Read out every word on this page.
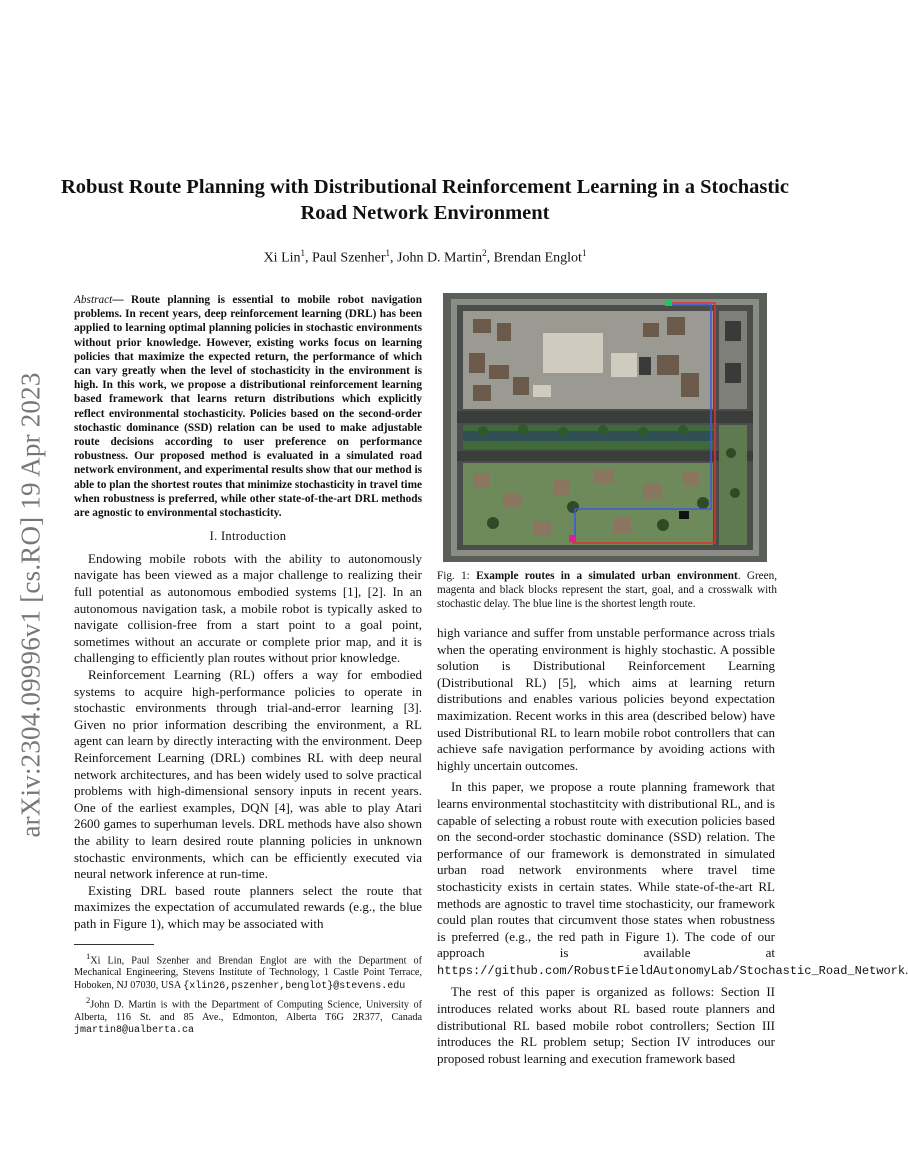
arXiv:2304.09996v1 [cs.RO] 19 Apr 2023
Robust Route Planning with Distributional Reinforcement Learning in a Stochastic Road Network Environment
Xi Lin$^1$, Paul Szenher$^1$, John D. Martin$^2$, Brendan Englot$^1$
Abstract— Route planning is essential to mobile robot navigation problems. In recent years, deep reinforcement learning (DRL) has been applied to learning optimal planning policies in stochastic environments without prior knowledge. However, existing works focus on learning policies that maximize the expected return, the performance of which can vary greatly when the level of stochasticity in the environment is high. In this work, we propose a distributional reinforcement learning based framework that learns return distributions which explicitly reflect environmental stochasticity. Policies based on the second-order stochastic dominance (SSD) relation can be used to make adjustable route decisions according to user preference on performance robustness. Our proposed method is evaluated in a simulated road network environment, and experimental results show that our method is able to plan the shortest routes that minimize stochasticity in travel time when robustness is preferred, while other state-of-the-art DRL methods are agnostic to environmental stochasticity.
I. Introduction

Endowing mobile robots with the ability to autonomously navigate has been viewed as a major challenge to realizing their full potential as autonomous embodied systems [1], [2]. In an autonomous navigation task, a mobile robot is typically asked to navigate collision-free from a start point to a goal point, sometimes without an accurate or complete prior map, and it is challenging to efficiently plan routes without prior knowledge.

Reinforcement Learning (RL) offers a way for embodied systems to acquire high-performance policies to operate in stochastic environments through trial-and-error learning [3]. Given no prior information describing the environment, a RL agent can learn by directly interacting with the environment. Deep Reinforcement Learning (DRL) combines RL with deep neural network architectures, and has been widely used to solve practical problems with high-dimensional sensory inputs in recent years. One of the earliest examples, DQN [4], was able to play Atari 2600 games to superhuman levels. DRL methods have also shown the ability to learn desired route planning policies in unknown stochastic environments, which can be efficiently executed via neural network inference at run-time.

Existing DRL based route planners select the route that maximizes the expectation of accumulated rewards (e.g., the blue path in Figure 1), which may be associated with

$^1$Xi Lin, Paul Szenher and Brendan Englot are with the Department of Mechanical Engineering, Stevens Institute of Technology, 1 Castle Point Terrace, Hoboken, NJ 07030, USA {xlin26,pszenher,benglot}@stevens.edu

$^2$John D. Martin is with the Department of Computing Science, University of Alberta, 116 St. and 85 Ave., Edmonton, Alberta T6G 2R377, Canada jmartin8@ualberta.ca

Fig. 1: Example routes in a simulated urban environment. Green, magenta and black blocks represent the start, goal, and a crosswalk with stochastic delay. The blue line is the shortest length route.

high variance and suffer from unstable performance across trials when the operating environment is highly stochastic. A possible solution is Distributional Reinforcement Learning (Distributional RL) [5], which aims at learning return distributions and enables various policies beyond expectation maximization. Recent works in this area (described below) have used Distributional RL to learn mobile robot controllers that can achieve safe navigation performance by avoiding actions with highly uncertain outcomes.

In this paper, we propose a route planning framework that learns environmental stochastitcity with distributional RL, and is capable of selecting a robust route with execution policies based on the second-order stochastic dominance (SSD) relation. The performance of our framework is demonstrated in simulated urban road network environments where travel time stochasticity exists in certain states. While state-of-the-art RL methods are agnostic to travel time stochasticity, our framework could plan routes that circumvent those states when robustness is preferred (e.g., the red path in Figure 1). The code of our approach is available at https://github.com/RobustFieldAutonomyLab/Stochastic_Road_Network

The rest of this paper is organized as follows: Section II introduces related works about RL based route planners and distributional RL based mobile robot controllers; Section III introduces the RL problem setup; Section IV introduces our proposed robust learning and execution framework based
